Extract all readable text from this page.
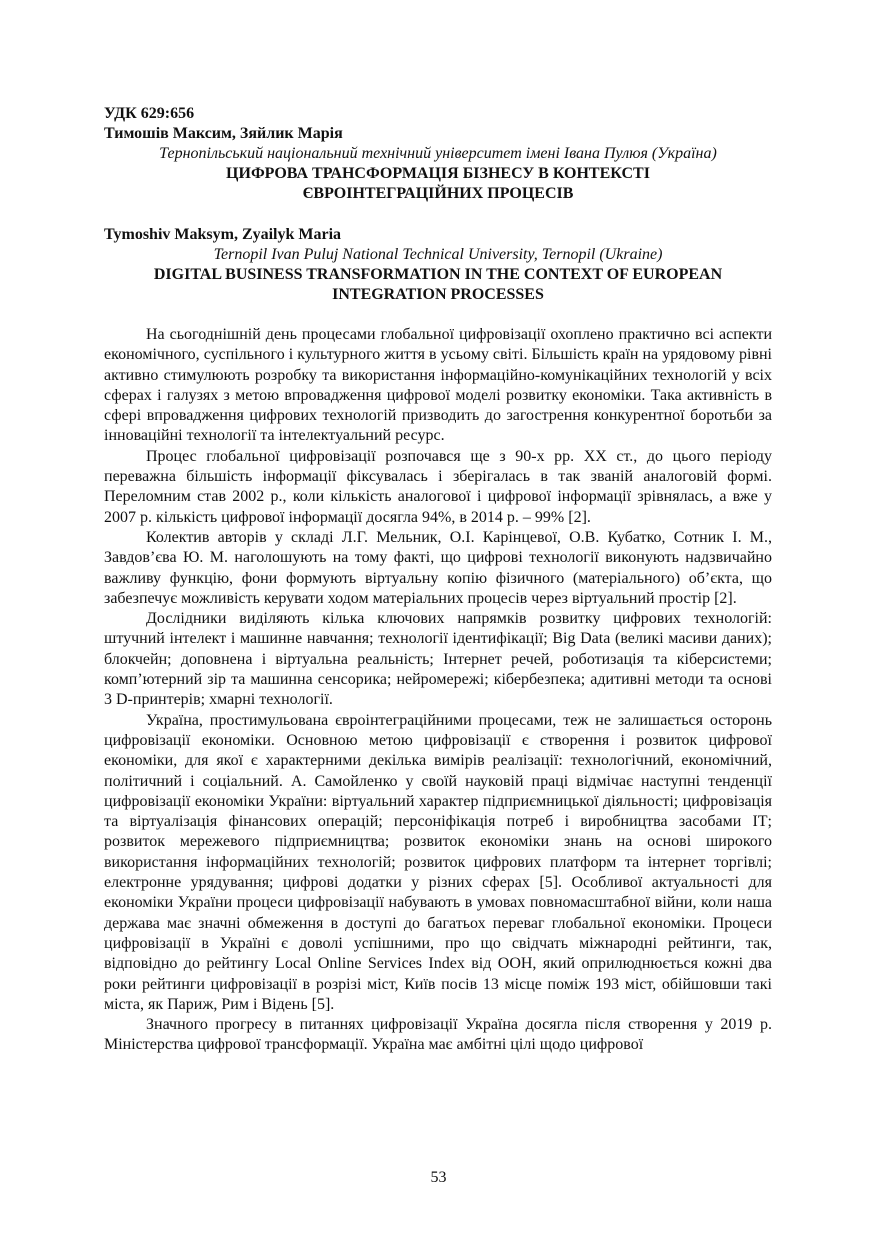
УДК 629:656

Тимошів Максим, Зяйлик Марія

Тернопільський національний технічний університет імені Івана Пулюя (Україна)

ЦИФРОВА ТРАНСФОРМАЦІЯ БІЗНЕСУ В КОНТЕКСТІ

ЄВРОІНТЕГРАЦІЙНИХ ПРОЦЕСІВ

Tymoshiv Maksym, Zyailyk Maria

Ternopil Ivan Puluj National Technical University, Ternopil (Ukraine)

DIGITAL BUSINESS TRANSFORMATION IN THE CONTEXT OF EUROPEAN

INTEGRATION PROCESSES

На сьогоднішній день процесами глобальної цифровізації охоплено практично всі аспекти економічного, суспільного і культурного життя в усьому світі. Більшість країн на урядовому рівні активно стимулюють розробку та використання інформаційно-комунікаційних технологій у всіх сферах і галузях з метою впровадження цифрової моделі розвитку економіки. Така активність в сфері впровадження цифрових технологій призводить до загострення конкурентної боротьби за інноваційні технології та інтелектуальний ресурс.

Процес глобальної цифровізації розпочався ще з 90-х рр. ХХ ст., до цього періоду переважна більшість інформації фіксувалась і зберігалась в так званій аналоговій формі. Переломним став 2002 р., коли кількість аналогової і цифрової інформації зрівнялась, а вже у 2007 р. кількість цифрової інформації досягла 94%, в 2014 р. – 99% [2].

Колектив авторів у складі Л.Г. Мельник, О.І. Карінцевої, О.В. Кубатко, Сотник І. М., Завдов’єва Ю. М. наголошують на тому факті, що цифрові технології виконують надзвичайно важливу функцію, фони формують віртуальну копію фізичного (матеріального) об’єкта, що забезпечує можливість керувати ходом матеріальних процесів через віртуальний простір [2].

Дослідники виділяють кілька ключових напрямків розвитку цифрових технологій: штучний інтелект і машинне навчання; технології ідентифікації; Big Data (великі масиви даних); блокчейн; доповнена і віртуальна реальність; Інтернет речей, роботизація та кіберсистеми; комп’ютерний зір та машинна сенсорика; нейромережі; кібербезпека; адитивні методи та основі 3 D-принтерів; хмарні технології.

Україна, простимульована євроінтеграційними процесами, теж не залишається осторонь цифровізації економіки. Основною метою цифровізації є створення і розвиток цифрової економіки, для якої є характерними декілька вимірів реалізації: технологічний, економічний, політичний і соціальний. А. Самойленко у своїй науковій праці відмічає наступні тенденції цифровізації економіки України: віртуальний характер підприємницької діяльності; цифровізація та віртуалізація фінансових операцій; персоніфікація потреб і виробництва засобами ІТ; розвиток мережевого підприємництва; розвиток економіки знань на основі широкого використання інформаційних технологій; розвиток цифрових платформ та інтернет торгівлі; електронне урядування; цифрові додатки у різних сферах [5]. Особливої актуальності для економіки України процеси цифровізації набувають в умовах повномасштабної війни, коли наша держава має значні обмеження в доступі до багатьох переваг глобальної економіки. Процеси цифровізації в Україні є доволі успішними, про що свідчать міжнародні рейтинги, так, відповідно до рейтингу Local Online Services Index від ООН, який оприлюднюється кожні два роки рейтинги цифровізації в розрізі міст, Київ посів 13 місце поміж 193 міст, обійшовши такі міста, як Париж, Рим і Відень [5].

Значного прогресу в питаннях цифровізації Україна досягла після створення у 2019 р. Міністерства цифрової трансформації. Україна має амбітні цілі щодо цифрової

53
